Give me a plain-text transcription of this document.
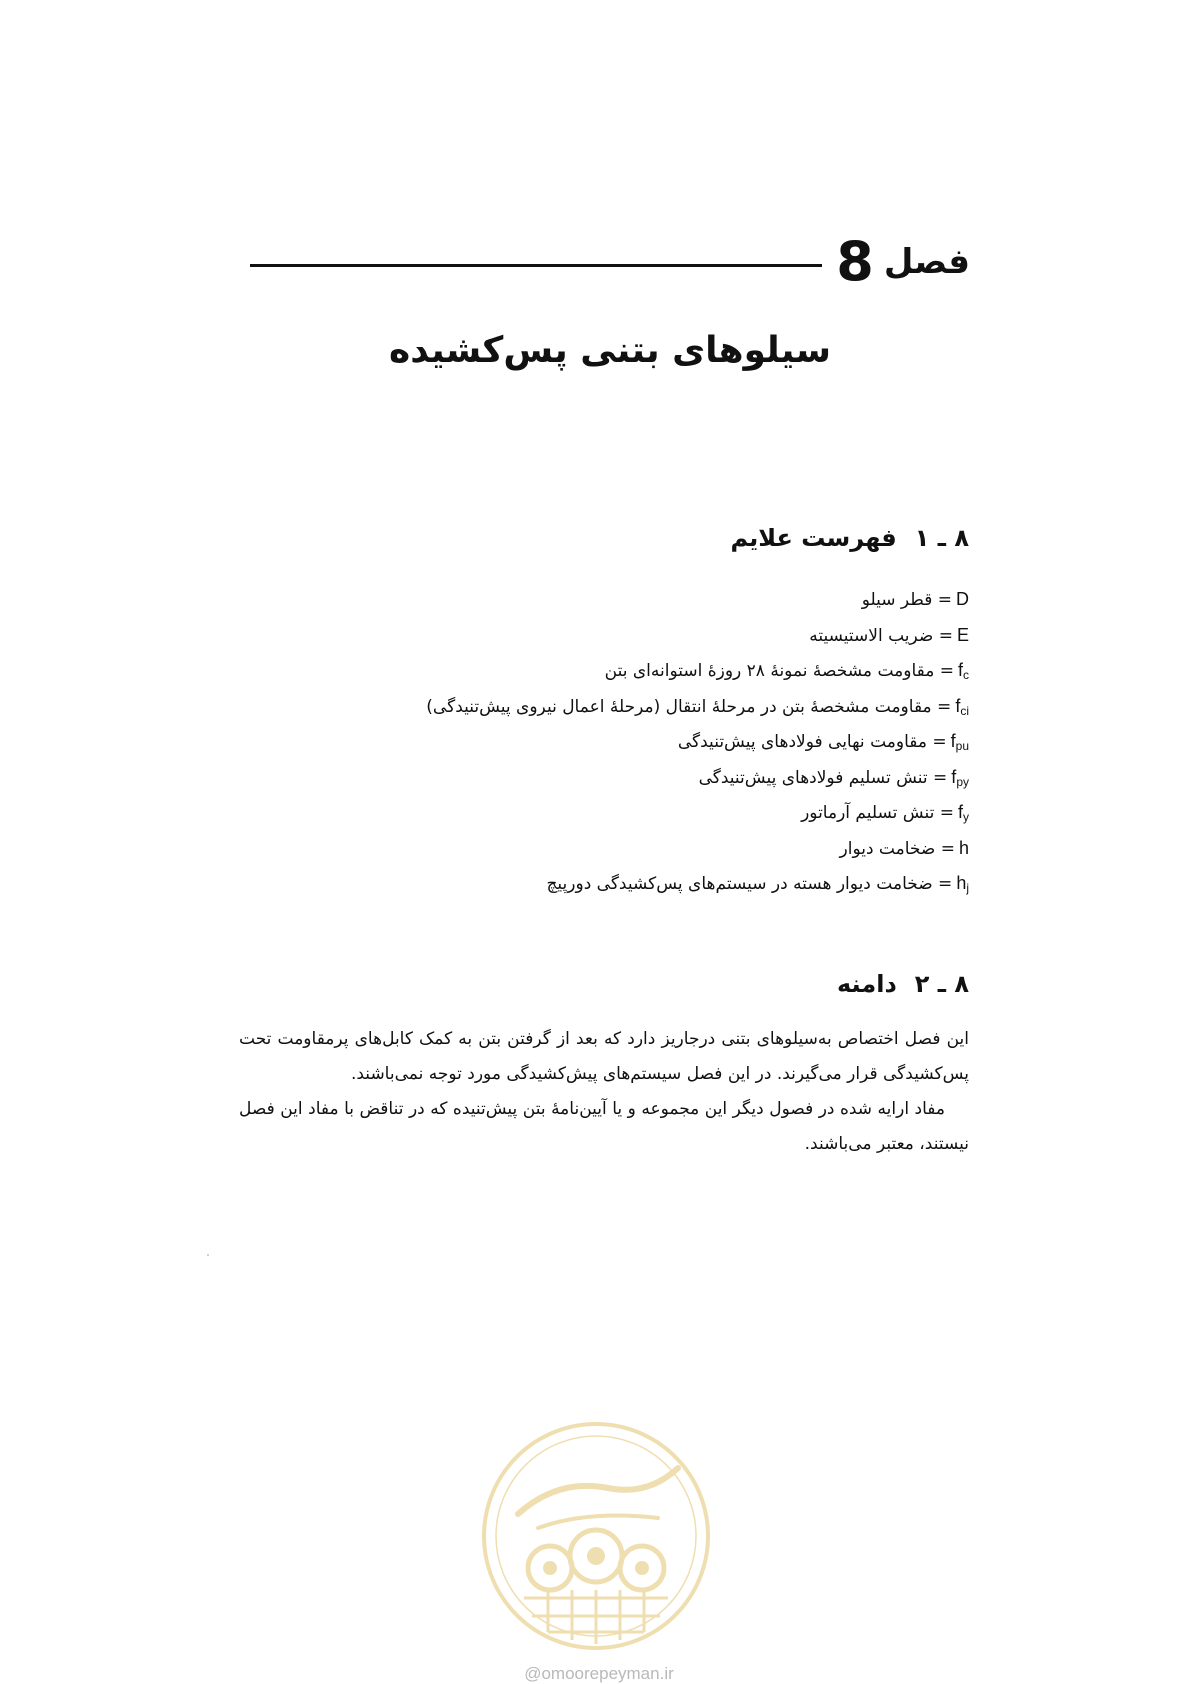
فصل
8
سیلوهای بتنی پس‌کشیده
۸ ـ ۱فهرست علایم
D= قطر سیلو
E= ضریب الاستیسیته
$f_c=$ مقاومت مشخصهٔ نمونهٔ ۲۸ روزهٔ استوانه‌ای بتن
$f_{ci}=$ مقاومت مشخصهٔ بتن در مرحلهٔ انتقال (مرحلهٔ اعمال نیروی پیش‌تنیدگی)
$f_{pu}=$ مقاومت نهایی فولادهای پیش‌تنیدگی
$f_{py}=$ تنش تسلیم فولادهای پیش‌تنیدگی
$f_y=$ تنش تسلیم آرماتور
h= ضخامت دیوار
$h_j=$ ضخامت دیوار هسته در سیستم‌های پس‌کشیدگی دورپیچ
۸ ـ ۲دامنه

این فصل اختصاص به‌سیلوهای بتنی درجاریز دارد که بعد از گرفتن بتن به کمک کابل‌های پرمقاومت تحت پس‌کشیدگی قرار می‌گیرند. در این فصل سیستم‌های پیش‌کشیدگی مورد توجه نمی‌باشند.

مفاد ارایه شده در فصول دیگر این مجموعه و یا آیین‌نامهٔ بتن پیش‌تنیده که در تناقض با مفاد این فصل نیستند، معتبر می‌باشند.

@omoorepeyman.ir
